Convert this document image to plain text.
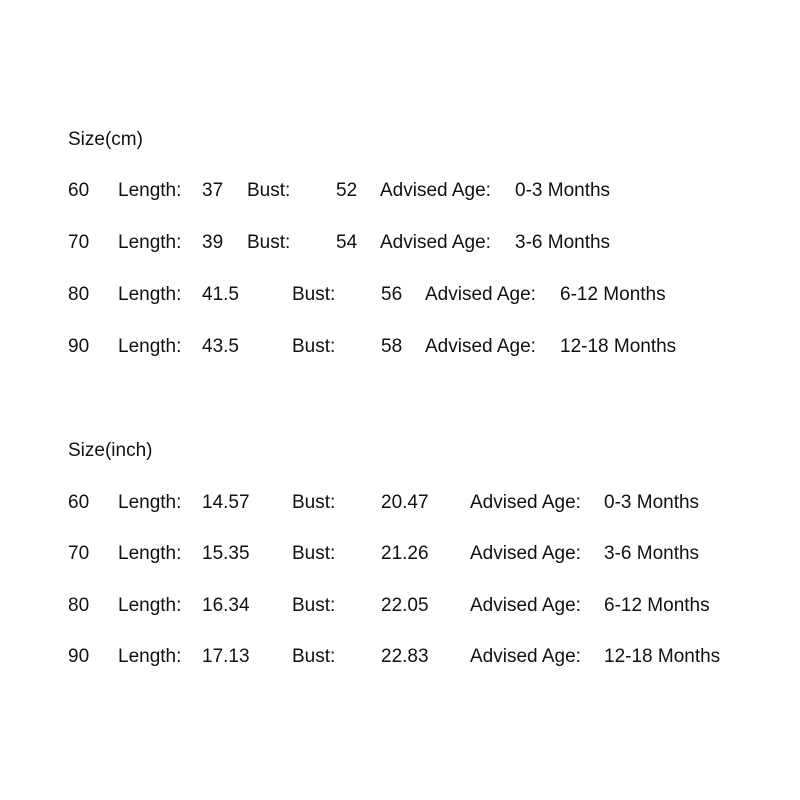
Size(cm)
60 Length: 37 Bust: 52 Advised Age: 0-3 Months
70 Length: 39 Bust: 54 Advised Age: 3-6 Months
80 Length: 41.5	Bust: 56 Advised Age: 6-12 Months
90 Length: 43.5	Bust: 58 Advised Age: 12-18 Months
Size(inch)
60 Length: 14.57 Bust: 20.47 Advised Age: 0-3 Months
70 Length: 15.35 Bust: 21.26 Advised Age: 3-6 Months
80 Length: 16.34 Bust: 22.05 Advised Age: 6-12 Months
90 Length: 17.13 Bust: 22.83 Advised Age: 12-18 Months
